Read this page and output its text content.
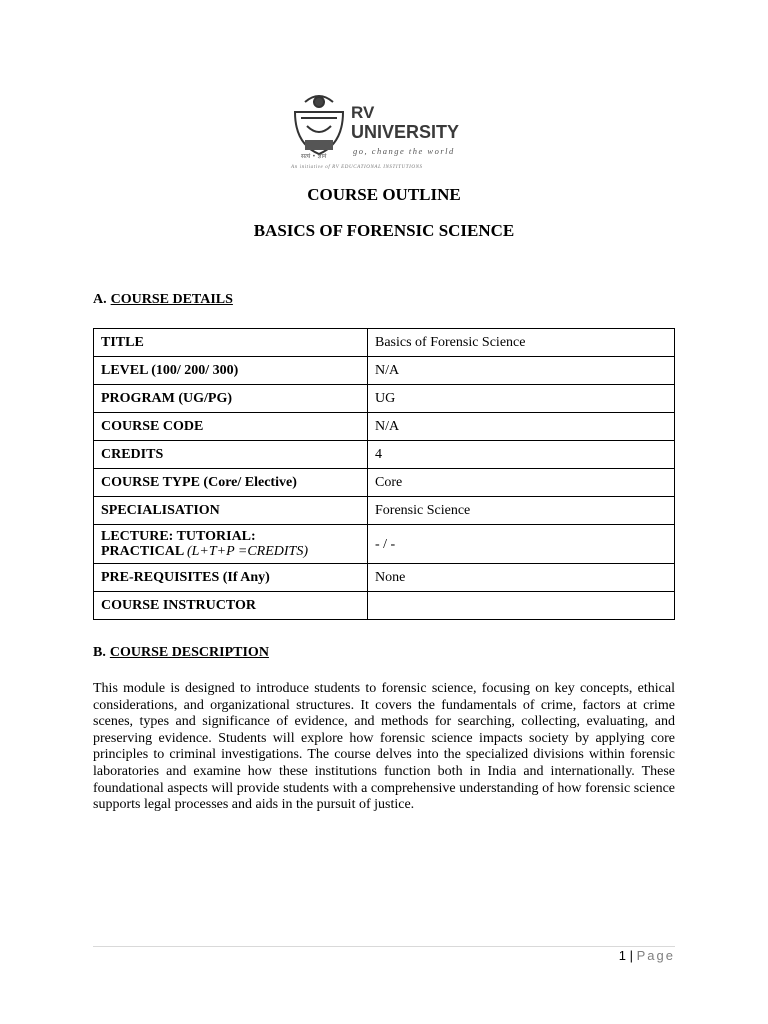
RV
UNIVERSITY
सत्यं • ज्ञानं
go, change the world
An initiative of RV EDUCATIONAL INSTITUTIONS
COURSE OUTLINE
BASICS OF FORENSIC SCIENCE
A. COURSE DETAILS
TITLE	Basics of Forensic Science
LEVEL (100/ 200/ 300)	N/A
PROGRAM (UG/PG)	UG
COURSE CODE	N/A
CREDITS	4
COURSE TYPE (Core/ Elective)	Core
SPECIALISATION	Forensic Science
LECTURE: TUTORIAL:
PRACTICAL (L+T+P =CREDITS)	- / -
PRE-REQUISITES (If Any)	None
COURSE INSTRUCTOR	
B. COURSE DESCRIPTION
This module is designed to introduce students to forensic science, focusing on key concepts, ethical considerations, and organizational structures. It covers the fundamentals of crime, factors at crime scenes, types and significance of evidence, and methods for searching, collecting, evaluating, and preserving evidence. Students will explore how forensic science impacts society by applying core principles to criminal investigations. The course delves into the specialized divisions within forensic laboratories and examine how these institutions function both in India and internationally. These foundational aspects will provide students with a comprehensive understanding of how forensic science supports legal processes and aids in the pursuit of justice.
1 | Page
